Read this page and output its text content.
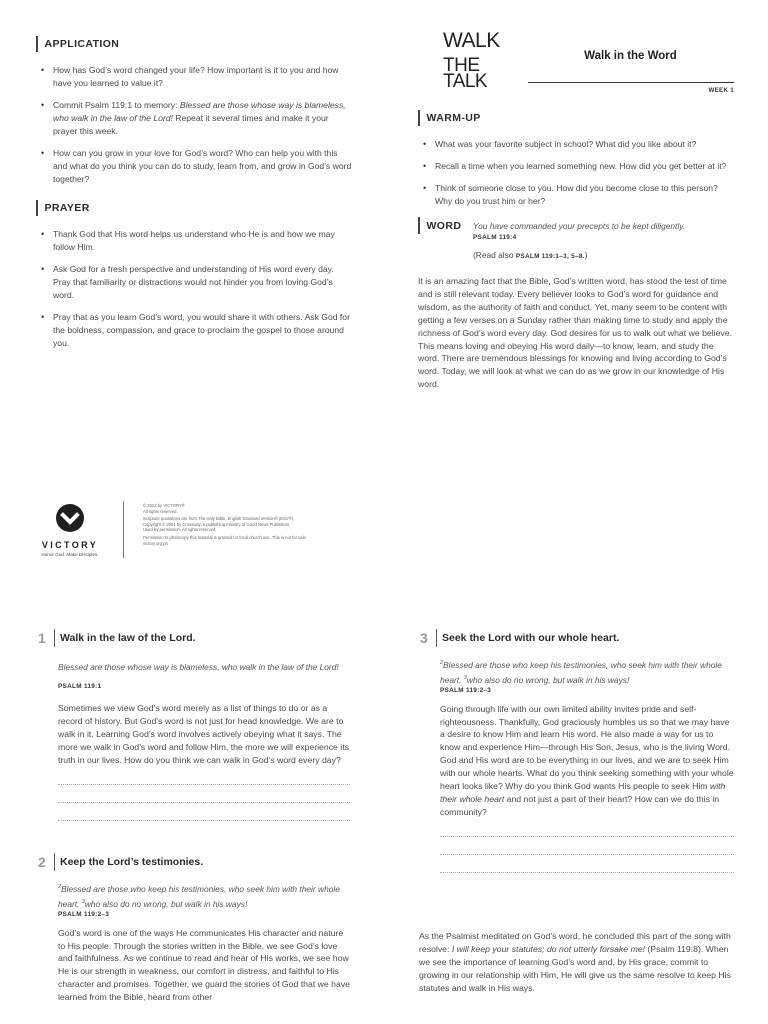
APPLICATION
• How has God’s word changed your life? How important is it to you and how have you learned to value it?
• Commit Psalm 119:1 to memory: Blessed are those whose way is blameless, who walk in the law of the Lord! Repeat it several times and make it your prayer this week.
• How can you grow in your love for God’s word? Who can help you with this and what do you think you can do to study, learn from, and grow in God’s word together?
PRAYER
• Thank God that His word helps us understand who He is and how we may follow Him.
• Ask God for a fresh perspective and understanding of His word every day. Pray that familiarity or distractions would not hinder you from loving God’s word.
• Pray that as you learn God’s word, you would share it with others. Ask God for the boldness, compassion, and grace to proclaim the gospel to those around you.
VICTORY
Honor God. Make Disciples.
© 2022 by VICTORY®
All rights reserved.
Scripture quotations are from The Holy Bible, English Standard Version® (ESV®),
Copyright © 2001 by Crossway, a publishing ministry of Good News Publishers.
Used by permission. All rights reserved.
Permission to photocopy this material is granted for local church use. This is not for sale.
victory.org.ph
WALK
THE
TALK
Walk in the Word
WEEK 1
WARM-UP
• What was your favorite subject in school? What did you like about it?
• Recall a time when you learned something new. How did you get better at it?
• Think of someone close to you. How did you become close to this person? Why do you trust him or her?
WORD You have commanded your precepts to be kept diligently.
PSALM 119:4
(Read also PSALM 119:1–3, 5–8.)

It is an amazing fact that the Bible, God’s written word, has stood the test of time and is still relevant today. Every believer looks to God’s word for guidance and wisdom, as the authority of faith and conduct. Yet, many seem to be content with getting a few verses on a Sunday rather than making time to study and apply the richness of God’s word every day. God desires for us to walk out what we believe. This means loving and obeying His word daily—to know, learn, and study the word. There are tremendous blessings for knowing and living according to God’s word. Today, we will look at what we can do as we grow in our knowledge of His word.

1	Walk in the law of the Lord.
Blessed are those whose way is blameless, who walk in the law of the Lord! PSALM 119:1

Sometimes we view God’s word merely as a list of things to do or as a record of history. But God’s word is not just for head knowledge. We are to walk in it. Learning God’s word involves actively obeying what it says. The more we walk in God’s word and follow Him, the more we will experience its truth in our lives. How do you think we can walk in God’s word every day?

2	Keep the Lord’s testimonies.
$^2$Blessed are those who keep his testimonies, who seek him with their whole heart, $^3$who also do no wrong, but walk in his ways!
PSALM 119:2–3

God’s word is one of the ways He communicates His character and nature to His people. Through the stories written in the Bible, we see God’s love and faithfulness. As we continue to read and hear of His works, we see how He is our strength in weakness, our comfort in distress, and faithful to His character and promises. Together, we guard the stories of God that we have learned from the Bible, heard from other

3	Seek the Lord with our whole heart.
$^2$Blessed are those who keep his testimonies, who seek him with their whole heart, $^3$who also do no wrong, but walk in his ways!
PSALM 119:2–3

Going through life with our own limited ability invites pride and self-righteousness. Thankfully, God graciously humbles us so that we may have a desire to know Him and learn His word. He also made a way for us to know and experience Him—through His Son, Jesus, who is the living Word. God and His word are to be everything in our lives, and we are to seek Him with our whole hearts. What do you think seeking something with your whole heart looks like? Why do you think God wants His people to seek Him with their whole heart and not just a part of their heart? How can we do this in community?

As the Psalmist meditated on God’s word, he concluded this part of the song with resolve: I will keep your statutes; do not utterly forsake me! (Psalm 119:8). When we see the importance of learning God’s word and, by His grace, commit to growing in our relationship with Him, He will give us the same resolve to keep His statutes and walk in His ways.
